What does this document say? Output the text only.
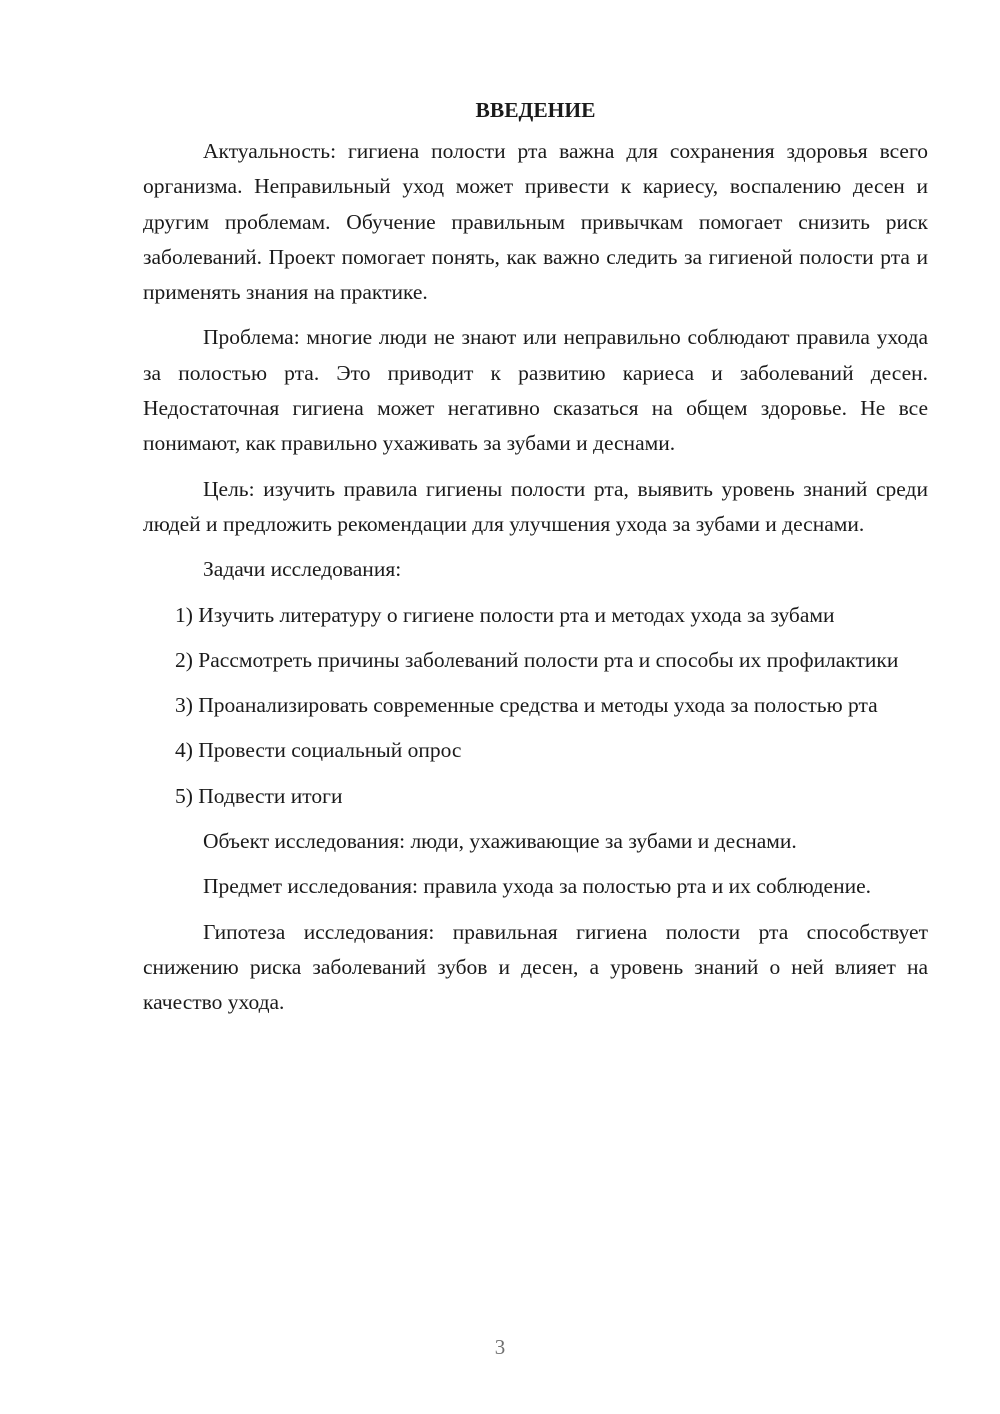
ВВЕДЕНИЕ

Актуальность: гигиена полости рта важна для сохранения здоровья всего организма. Неправильный уход может привести к кариесу, воспалению десен и другим проблемам. Обучение правильным привычкам помогает снизить риск заболеваний. Проект помогает понять, как важно следить за гигиеной полости рта и применять знания на практике.

Проблема: многие люди не знают или неправильно соблюдают правила ухода за полостью рта. Это приводит к развитию кариеса и заболеваний десен. Недостаточная гигиена может негативно сказаться на общем здоровье. Не все понимают, как правильно ухаживать за зубами и деснами.

Цель: изучить правила гигиены полости рта, выявить уровень знаний среди людей и предложить рекомендации для улучшения ухода за зубами и деснами.

Задачи исследования:

1) Изучить литературу о гигиене полости рта и методах ухода за зубами

2) Рассмотреть причины заболеваний полости рта и способы их профилактики

3) Проанализировать современные средства и методы ухода за полостью рта

4) Провести социальный опрос

5) Подвести итоги

Объект исследования: люди, ухаживающие за зубами и деснами.

Предмет исследования: правила ухода за полостью рта и их соблюдение.

Гипотеза исследования: правильная гигиена полости рта способствует снижению риска заболеваний зубов и десен, а уровень знаний о ней влияет на качество ухода.

3
